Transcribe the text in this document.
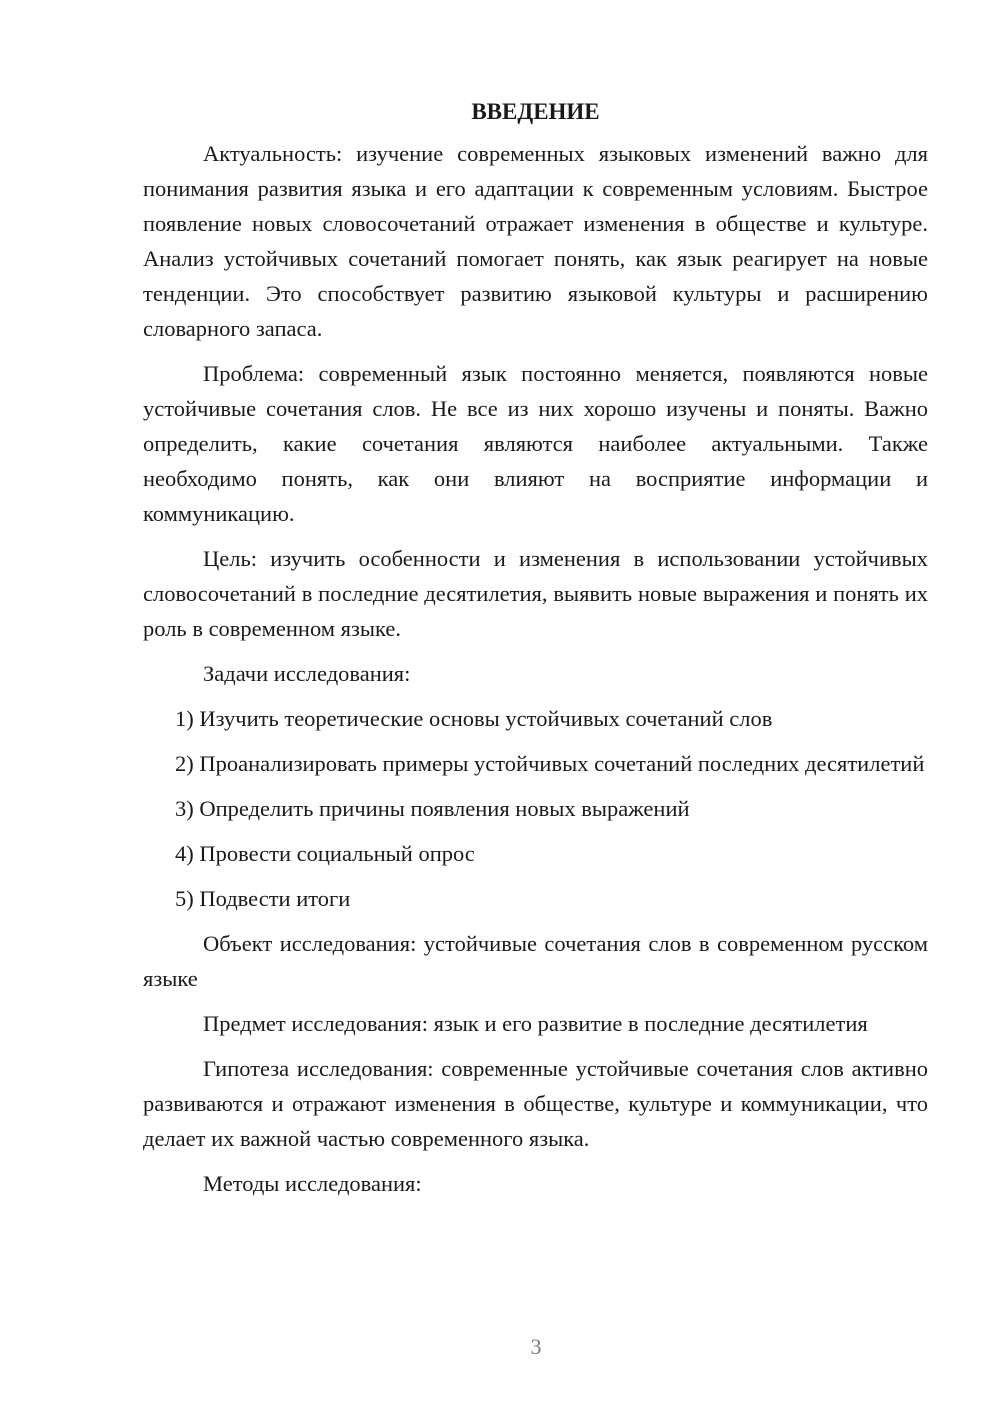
ВВЕДЕНИЕ

Актуальность: изучение современных языковых изменений важно для понимания развития языка и его адаптации к современным условиям. Быстрое появление новых словосочетаний отражает изменения в обществе и культуре. Анализ устойчивых сочетаний помогает понять, как язык реагирует на новые тенденции. Это способствует развитию языковой культуры и расширению словарного запаса.

Проблема: современный язык постоянно меняется, появляются новые устойчивые сочетания слов. Не все из них хорошо изучены и поняты. Важно определить, какие сочетания являются наиболее актуальными. Также необходимо понять, как они влияют на восприятие информации и коммуникацию.

Цель: изучить особенности и изменения в использовании устойчивых словосочетаний в последние десятилетия, выявить новые выражения и понять их роль в современном языке.

Задачи исследования:

1) Изучить теоретические основы устойчивых сочетаний слов

2) Проанализировать примеры устойчивых сочетаний последних десятилетий

3) Определить причины появления новых выражений

4) Провести социальный опрос

5) Подвести итоги

Объект исследования: устойчивые сочетания слов в современном русском языке

Предмет исследования: язык и его развитие в последние десятилетия

Гипотеза исследования: современные устойчивые сочетания слов активно развиваются и отражают изменения в обществе, культуре и коммуникации, что делает их важной частью современного языка.

Методы исследования:

3
